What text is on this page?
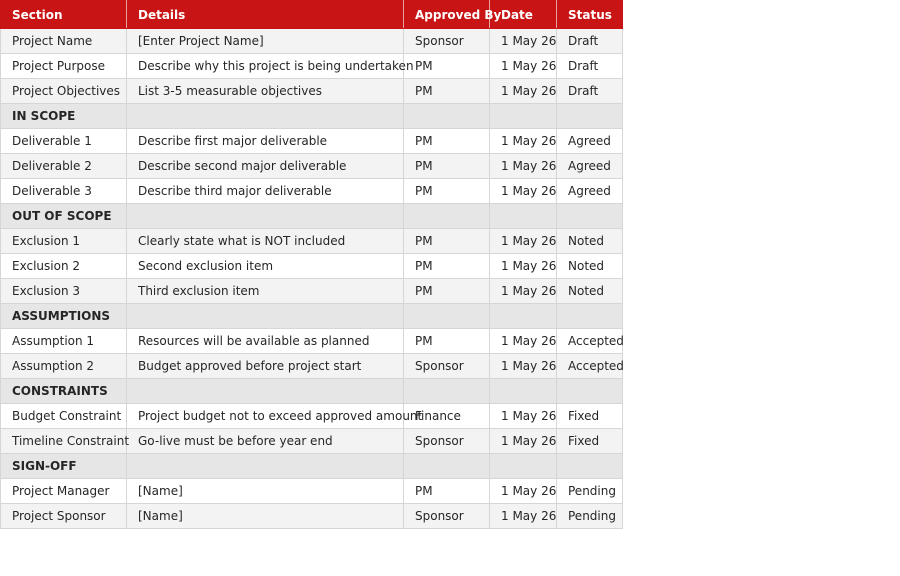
Section	Details	Approved By	Date	Status
Project Name	[Enter Project Name]	Sponsor	1 May 26	Draft
Project Purpose	Describe why this project is being undertaken	PM	1 May 26	Draft
Project Objectives	List 3-5 measurable objectives	PM	1 May 26	Draft
IN SCOPE				
Deliverable 1	Describe first major deliverable	PM	1 May 26	Agreed
Deliverable 2	Describe second major deliverable	PM	1 May 26	Agreed
Deliverable 3	Describe third major deliverable	PM	1 May 26	Agreed
OUT OF SCOPE				
Exclusion 1	Clearly state what is NOT included	PM	1 May 26	Noted
Exclusion 2	Second exclusion item	PM	1 May 26	Noted
Exclusion 3	Third exclusion item	PM	1 May 26	Noted
ASSUMPTIONS				
Assumption 1	Resources will be available as planned	PM	1 May 26	Accepted
Assumption 2	Budget approved before project start	Sponsor	1 May 26	Accepted
CONSTRAINTS				
Budget Constraint	Project budget not to exceed approved amount	Finance	1 May 26	Fixed
Timeline Constraint	Go-live must be before year end	Sponsor	1 May 26	Fixed
SIGN-OFF				
Project Manager	[Name]	PM	1 May 26	Pending
Project Sponsor	[Name]	Sponsor	1 May 26	Pending
